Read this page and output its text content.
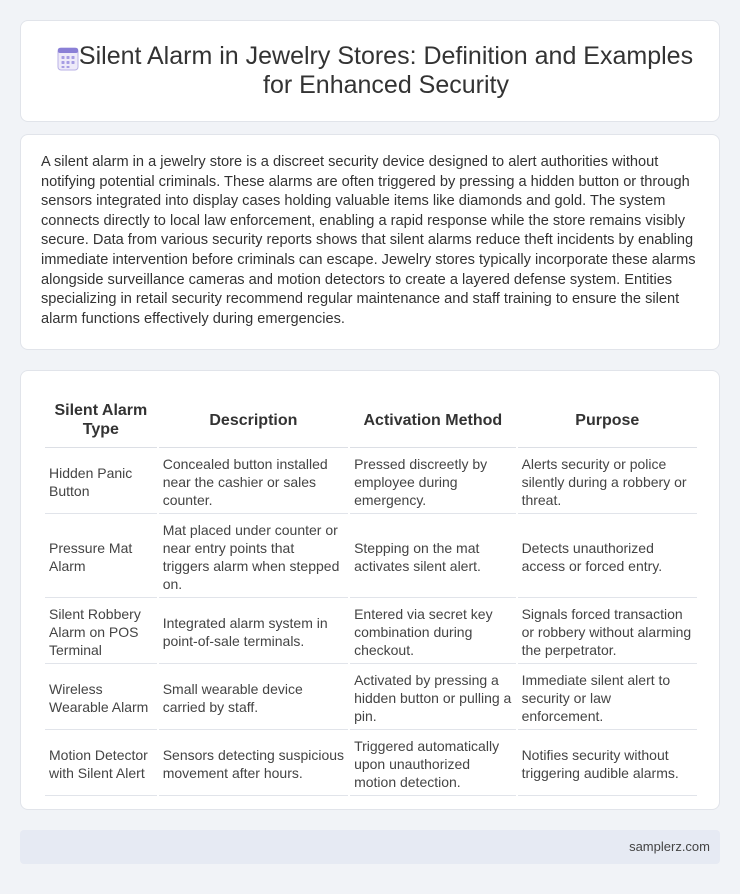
Silent Alarm in Jewelry Stores: Definition and Examples for Enhanced Security

A silent alarm in a jewelry store is a discreet security device designed to alert authorities without notifying potential criminals. These alarms are often triggered by pressing a hidden button or through sensors integrated into display cases holding valuable items like diamonds and gold. The system connects directly to local law enforcement, enabling a rapid response while the store remains visibly secure. Data from various security reports shows that silent alarms reduce theft incidents by enabling immediate intervention before criminals can escape. Jewelry stores typically incorporate these alarms alongside surveillance cameras and motion detectors to create a layered defense system. Entities specializing in retail security recommend regular maintenance and staff training to ensure the silent alarm functions effectively during emergencies.

Silent Alarm Type	Description	Activation Method	Purpose
Hidden Panic Button	Concealed button installed near the cashier or sales counter.	Pressed discreetly by employee during emergency.	Alerts security or police silently during a robbery or threat.
Pressure Mat Alarm	Mat placed under counter or near entry points that triggers alarm when stepped on.	Stepping on the mat activates silent alert.	Detects unauthorized access or forced entry.
Silent Robbery Alarm on POS Terminal	Integrated alarm system in point-of-sale terminals.	Entered via secret key combination during checkout.	Signals forced transaction or robbery without alarming the perpetrator.
Wireless Wearable Alarm	Small wearable device carried by staff.	Activated by pressing a hidden button or pulling a pin.	Immediate silent alert to security or law enforcement.
Motion Detector with Silent Alert	Sensors detecting suspicious movement after hours.	Triggered automatically upon unauthorized motion detection.	Notifies security without triggering audible alarms.
samplerz.com
